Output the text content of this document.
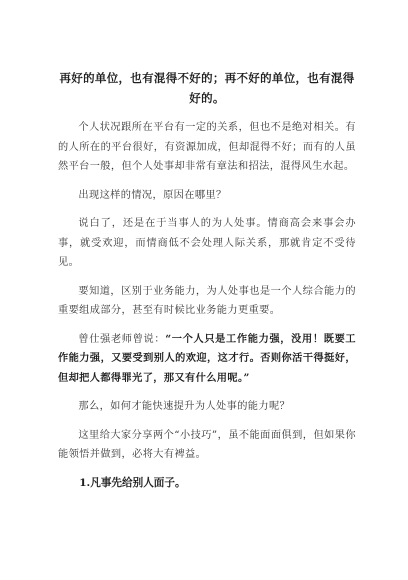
再好的单位，也有混得不好的；再不好的单位，也有混得好的。

个人状况跟所在平台有一定的关系，但也不是绝对相关。有的人所在的平台很好，有资源加成，但却混得不好；而有的人虽然平台一般，但个人处事却非常有章法和招法，混得风生水起。

出现这样的情况，原因在哪里？

说白了，还是在于当事人的为人处事。情商高会来事会办事，就受欢迎，而情商低不会处理人际关系，那就肯定不受待见。

要知道，区别于业务能力，为人处事也是一个人综合能力的重要组成部分，甚至有时候比业务能力更重要。

曾仕强老师曾说：“一个人只是工作能力强，没用！既要工作能力强，又要受到别人的欢迎，这才行。否则你活干得挺好，但却把人都得罪光了，那又有什么用呢。”

那么，如何才能快速提升为人处事的能力呢？

这里给大家分享两个“小技巧”，虽不能面面俱到，但如果你能领悟并做到，必将大有裨益。

1.凡事先给别人面子。
